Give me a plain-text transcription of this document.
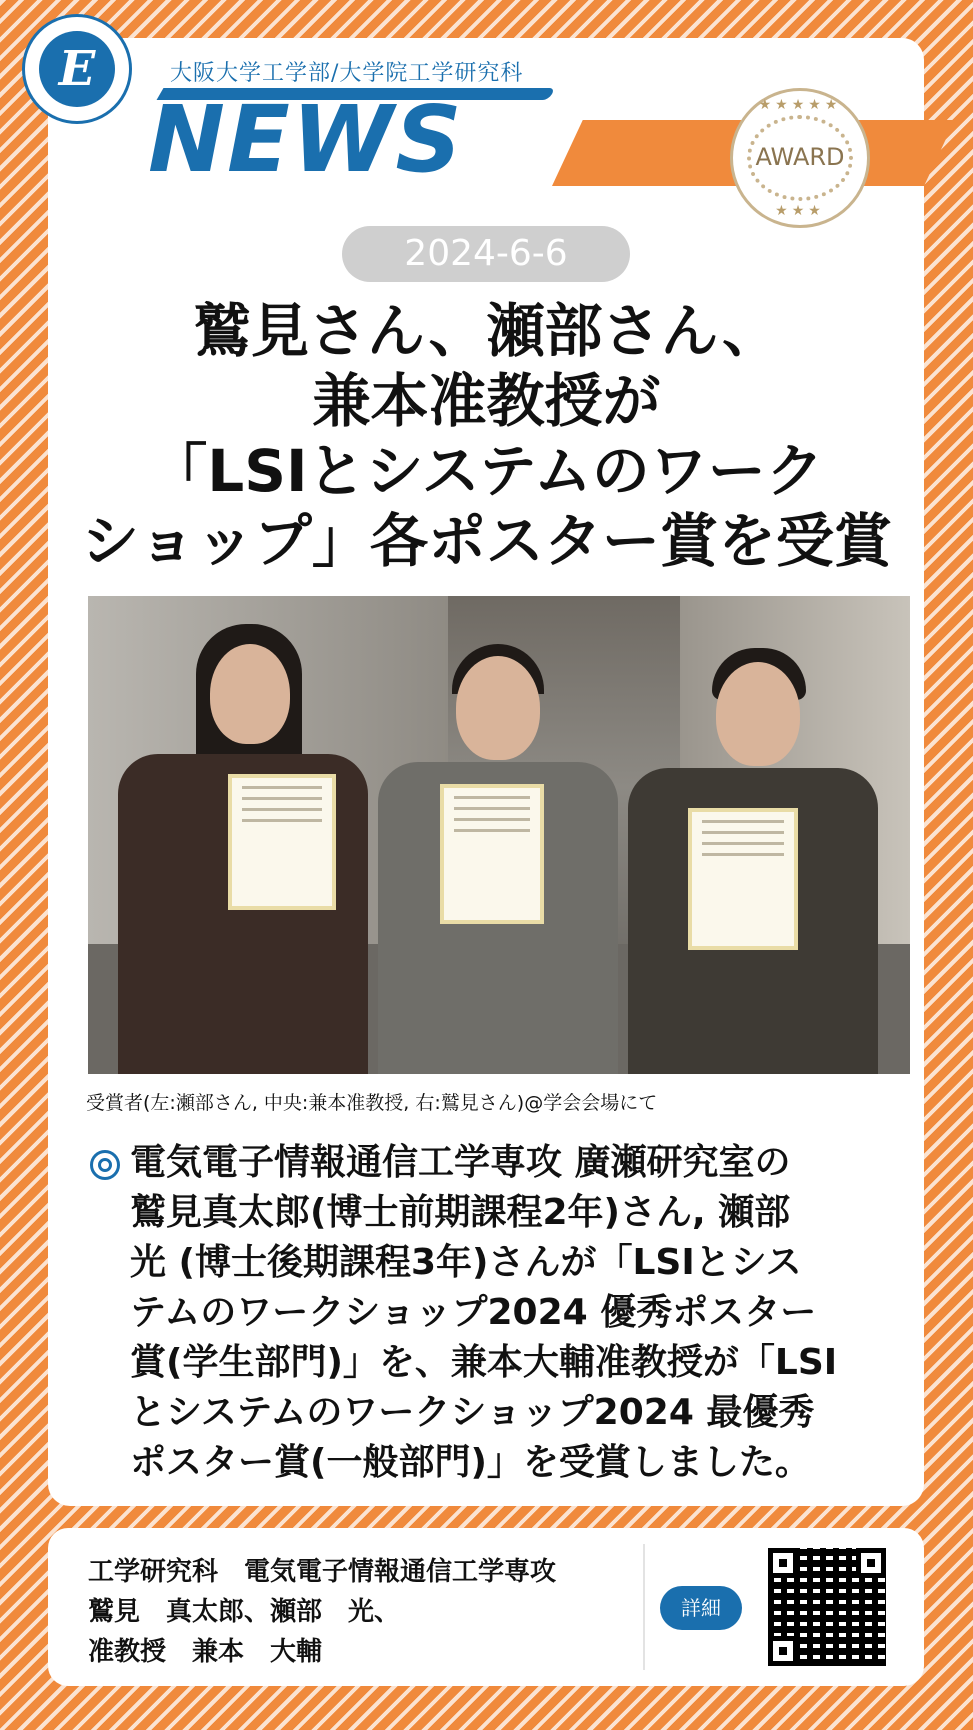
E	大阪大学工学部/大学院工学研究科
NEWS	★★★★★
AWARD
★★★
2024-6-6
鷲見さん、瀬部さん、
兼本准教授が
「LSIとシステムのワーク
ショップ」各ポスター賞を受賞
受賞者(左:瀬部さん, 中央:兼本准教授, 右:鷲見さん)@学会会場にて
電気電子情報通信工学専攻 廣瀬研究室の
鷲見真太郎(博士前期課程2年)さん, 瀬部
光 (博士後期課程3年)さんが「LSIとシス
テムのワークショップ2024 優秀ポスター
賞(学生部門)」を、兼本大輔准教授が「LSI
とシステムのワークショップ2024 最優秀
ポスター賞(一般部門)」を受賞しました。
工学研究科　電気電子情報通信工学専攻
鷲見　真太郎、瀬部　光、
准教授　兼本　大輔
詳細
